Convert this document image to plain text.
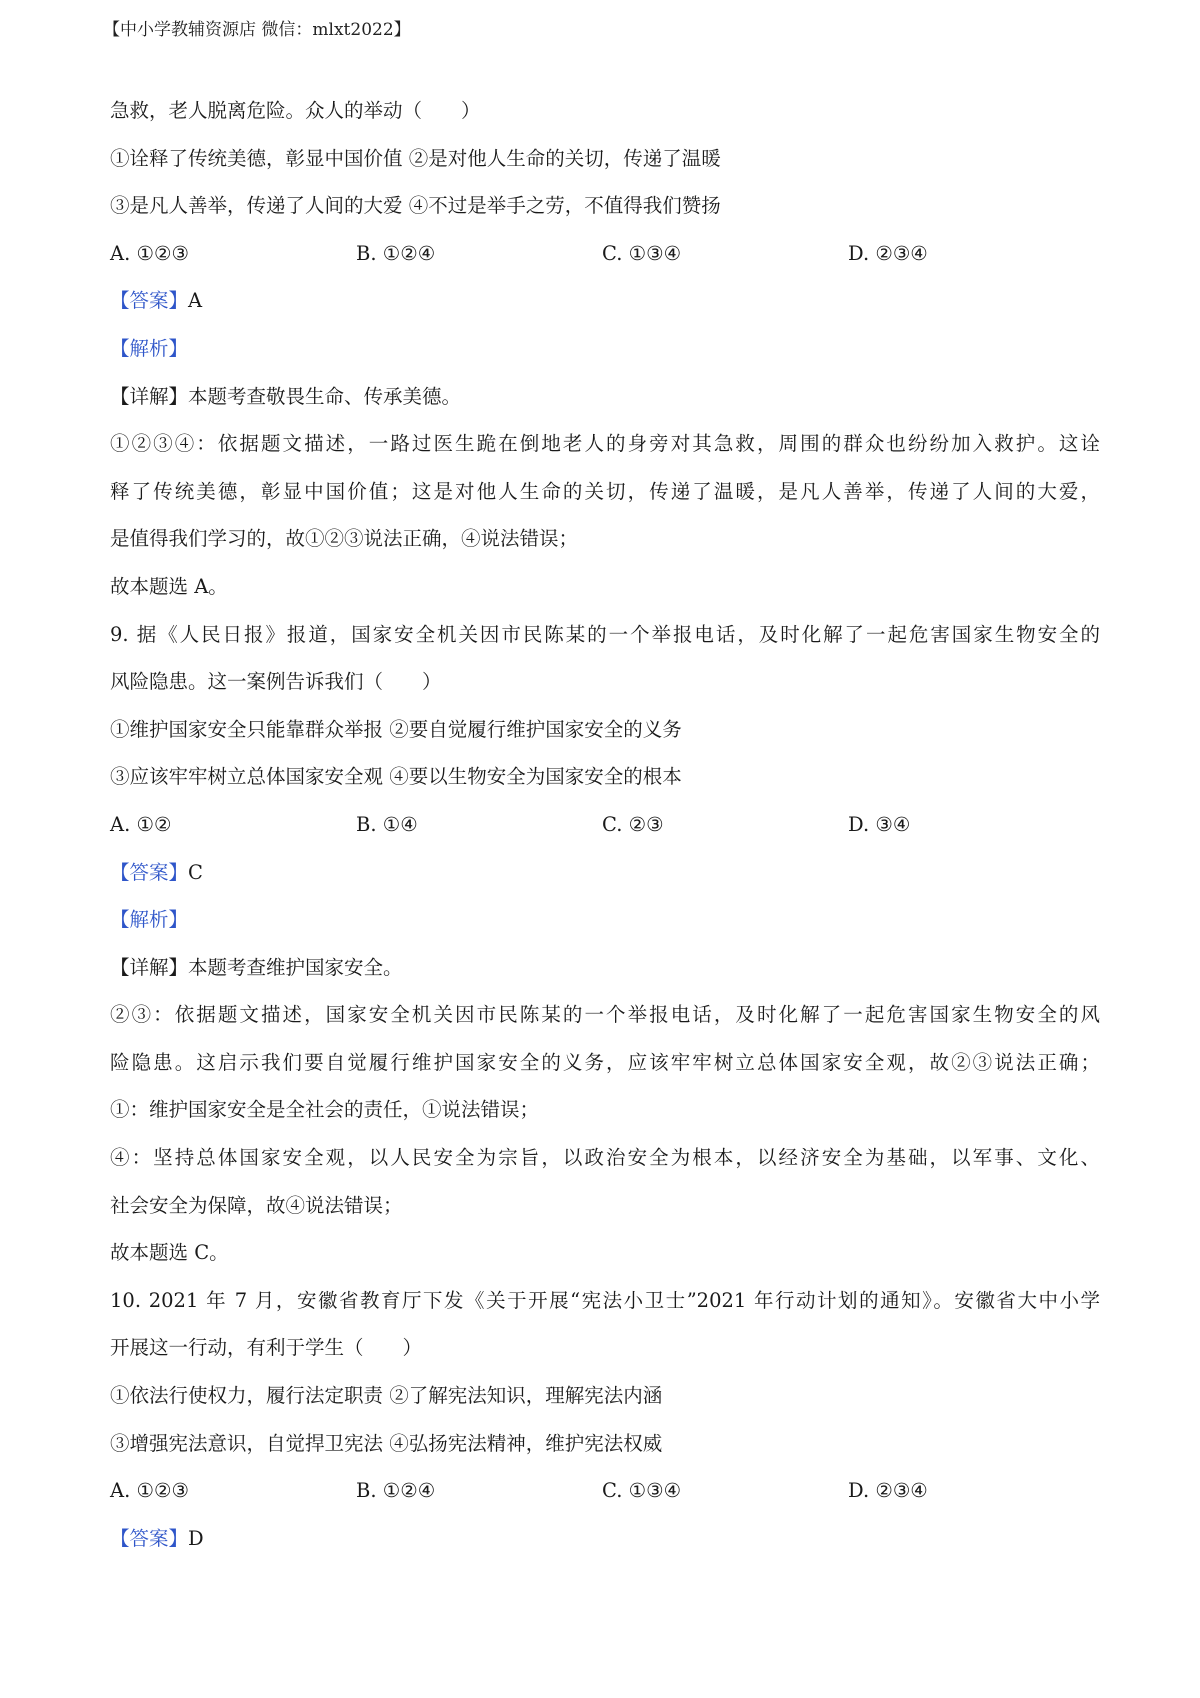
【中小学教辅资源店 微信：mlxt2022】
急救，老人脱离危险。众人的举动（　　）
①诠释了传统美德，彰显中国价值 ②是对他人生命的关切，传递了温暖
③是凡人善举，传递了人间的大爱 ④不过是举手之劳，不值得我们赞扬
A. ①②③	B. ①②④	C. ①③④	D. ②③④
【答案】A
【解析】
【详解】本题考查敬畏生命、传承美德。
①②③④：依据题文描述，一路过医生跪在倒地老人的身旁对其急救，周围的群众也纷纷加入救护。这诠
释了传统美德，彰显中国价值；这是对他人生命的关切，传递了温暖，是凡人善举，传递了人间的大爱，
是值得我们学习的，故①②③说法正确，④说法错误；
故本题选 A。
9. 据《人民日报》报道，国家安全机关因市民陈某的一个举报电话，及时化解了一起危害国家生物安全的
风险隐患。这一案例告诉我们（　　）
①维护国家安全只能靠群众举报 ②要自觉履行维护国家安全的义务
③应该牢牢树立总体国家安全观 ④要以生物安全为国家安全的根本
A. ①②	B. ①④	C. ②③	D. ③④
【答案】C
【解析】
【详解】本题考查维护国家安全。
②③：依据题文描述，国家安全机关因市民陈某的一个举报电话，及时化解了一起危害国家生物安全的风
险隐患。这启示我们要自觉履行维护国家安全的义务，应该牢牢树立总体国家安全观，故②③说法正确；
①：维护国家安全是全社会的责任，①说法错误；
④：坚持总体国家安全观，以人民安全为宗旨，以政治安全为根本，以经济安全为基础，以军事、文化、
社会安全为保障，故④说法错误；
故本题选 C。
10. 2021 年 7 月，安徽省教育厅下发《关于开展“宪法小卫士”2021 年行动计划的通知》。安徽省大中小学
开展这一行动，有利于学生（　　）
①依法行使权力，履行法定职责 ②了解宪法知识，理解宪法内涵
③增强宪法意识，自觉捍卫宪法 ④弘扬宪法精神，维护宪法权威
A. ①②③	B. ①②④	C. ①③④	D. ②③④
【答案】D
